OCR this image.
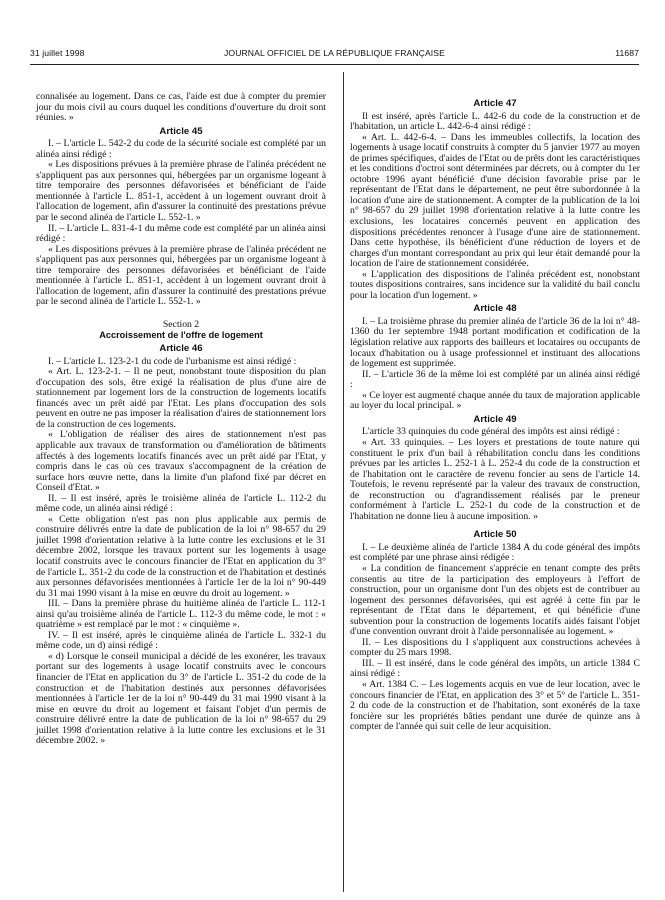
31 juillet 1998	JOURNAL OFFICIEL DE LA RÉPUBLIQUE FRANÇAISE	11687

connalisée au logement. Dans ce cas, l'aide est due à compter du premier jour du mois civil au cours duquel les conditions d'ouverture du droit sont réunies. »

Article 45

I. – L'article L. 542-2 du code de la sécurité sociale est complété par un alinéa ainsi rédigé :

« Les dispositions prévues à la première phrase de l'alinéa précédent ne s'appliquent pas aux personnes qui, hébergées par un organisme logeant à titre temporaire des personnes défavorisées et bénéficiant de l'aide mentionnée à l'article L. 851-1, accèdent à un logement ouvrant droit à l'allocation de logement, afin d'assurer la continuité des prestations prévue par le second alinéa de l'article L. 552-1. »

II. – L'article L. 831-4-1 du même code est complété par un alinéa ainsi rédigé :

« Les dispositions prévues à la première phrase de l'alinéa précédent ne s'appliquent pas aux personnes qui, hébergées par un organisme logeant à titre temporaire des personnes défavorisées et bénéficiant de l'aide mentionnée à l'article L. 851-1, accèdent à un logement ouvrant droit à l'allocation de logement, afin d'assurer la continuité des prestations prévue par le second alinéa de l'article L. 552-1. »

Section 2

Accroissement de l'offre de logement

Article 46

I. – L'article L. 123-2-1 du code de l'urbanisme est ainsi rédigé :

« Art. L. 123-2-1. – Il ne peut, nonobstant toute disposition du plan d'occupation des sols, être exigé la réalisation de plus d'une aire de stationnement par logement lors de la construction de logements locatifs financés avec un prêt aidé par l'Etat. Les plans d'occupation des sols peuvent en outre ne pas imposer la réalisation d'aires de stationnement lors de la construction de ces logements.

« L'obligation de réaliser des aires de stationnement n'est pas applicable aux travaux de transformation ou d'amélioration de bâtiments affectés à des logements locatifs financés avec un prêt aidé par l'Etat, y compris dans le cas où ces travaux s'accompagnent de la création de surface hors œuvre nette, dans la limite d'un plafond fixé par décret en Conseil d'Etat. »

II. – Il est inséré, après le troisième alinéa de l'article L. 112-2 du même code, un alinéa ainsi rédigé :

« Cette obligation n'est pas non plus applicable aux permis de construire délivrés entre la date de publication de la loi n° 98-657 du 29 juillet 1998 d'orientation relative à la lutte contre les exclusions et le 31 décembre 2002, lorsque les travaux portent sur les logements à usage locatif construits avec le concours financier de l'Etat en application du 3° de l'article L. 351-2 du code de la construction et de l'habitation et destinés aux personnes défavorisées mentionnées à l'article 1er de la loi n° 90-449 du 31 mai 1990 visant à la mise en œuvre du droit au logement. »

III. – Dans la première phrase du huitième alinéa de l'article L. 112-1 ainsi qu'au troisième alinéa de l'article L. 112-3 du même code, le mot : « quatrième » est remplacé par le mot : « cinquième ».

IV. – Il est inséré, après le cinquième alinéa de l'article L. 332-1 du même code, un d) ainsi rédigé :

« d) Lorsque le conseil municipal a décidé de les exonérer, les travaux portant sur des logements à usage locatif construits avec le concours financier de l'Etat en application du 3° de l'article L. 351-2 du code de la construction et de l'habitation destinés aux personnes défavorisées mentionnées à l'article 1er de la loi n° 90-449 du 31 mai 1990 visant à la mise en œuvre du droit au logement et faisant l'objet d'un permis de construire délivré entre la date de publication de la loi n° 98-657 du 29 juillet 1998 d'orientation relative à la lutte contre les exclusions et le 31 décembre 2002. »

Article 47

Il est inséré, après l'article L. 442-6 du code de la construction et de l'habitation, un article L. 442-6-4 ainsi rédigé :

« Art. L. 442-6-4. – Dans les immeubles collectifs, la location des logements à usage locatif construits à compter du 5 janvier 1977 au moyen de primes spécifiques, d'aides de l'Etat ou de prêts dont les caractéristiques et les conditions d'octroi sont déterminées par décrets, ou à compter du 1er octobre 1996 ayant bénéficié d'une décision favorable prise par le représentant de l'Etat dans le département, ne peut être subordonnée à la location d'une aire de stationnement. A compter de la publication de la loi n° 98-657 du 29 juillet 1998 d'orientation relative à la lutte contre les exclusions, les locataires concernés peuvent en application des dispositions précédentes renoncer à l'usage d'une aire de stationnement. Dans cette hypothèse, ils bénéficient d'une réduction de loyers et de charges d'un montant correspondant au prix qui leur était demandé pour la location de l'aire de stationnement considérée.

« L'application des dispositions de l'alinéa précédent est, nonobstant toutes dispositions contraires, sans incidence sur la validité du bail conclu pour la location d'un logement. »

Article 48

I. – La troisième phrase du premier alinéa de l'article 36 de la loi n° 48-1360 du 1er septembre 1948 portant modification et codification de la législation relative aux rapports des bailleurs et locataires ou occupants de locaux d'habitation ou à usage professionnel et instituant des allocations de logement est supprimée.

II. – L'article 36 de la même loi est complété par un alinéa ainsi rédigé :

« Ce loyer est augmenté chaque année du taux de majoration applicable au loyer du local principal. »

Article 49

L'article 33 quinquies du code général des impôts est ainsi rédigé :

« Art. 33 quinquies. – Les loyers et prestations de toute nature qui constituent le prix d'un bail à réhabilitation conclu dans les conditions prévues par les articles L. 252-1 à L. 252-4 du code de la construction et de l'habitation ont le caractère de revenu foncier au sens de l'article 14. Toutefois, le revenu représenté par la valeur des travaux de construction, de reconstruction ou d'agrandissement réalisés par le preneur conformément à l'article L. 252-1 du code de la construction et de l'habitation ne donne lieu à aucune imposition. »

Article 50

I. – Le deuxième alinéa de l'article 1384 A du code général des impôts est complété par une phrase ainsi rédigée :

« La condition de financement s'apprécie en tenant compte des prêts consentis au titre de la participation des employeurs à l'effort de construction, pour un organisme dont l'un des objets est de contribuer au logement des personnes défavorisées, qui est agréé à cette fin par le représentant de l'Etat dans le département, et qui bénéficie d'une subvention pour la construction de logements locatifs aidés faisant l'objet d'une convention ouvrant droit à l'aide personnalisée au logement. »

II. – Les dispositions du I s'appliquent aux constructions achevées à compter du 25 mars 1998.

III. – Il est inséré, dans le code général des impôts, un article 1384 C ainsi rédigé :

« Art. 1384 C. – Les logements acquis en vue de leur location, avec le concours financier de l'Etat, en application des 3° et 5° de l'article L. 351-2 du code de la construction et de l'habitation, sont exonérés de la taxe foncière sur les propriétés bâties pendant une durée de quinze ans à compter de l'année qui suit celle de leur acquisition.
